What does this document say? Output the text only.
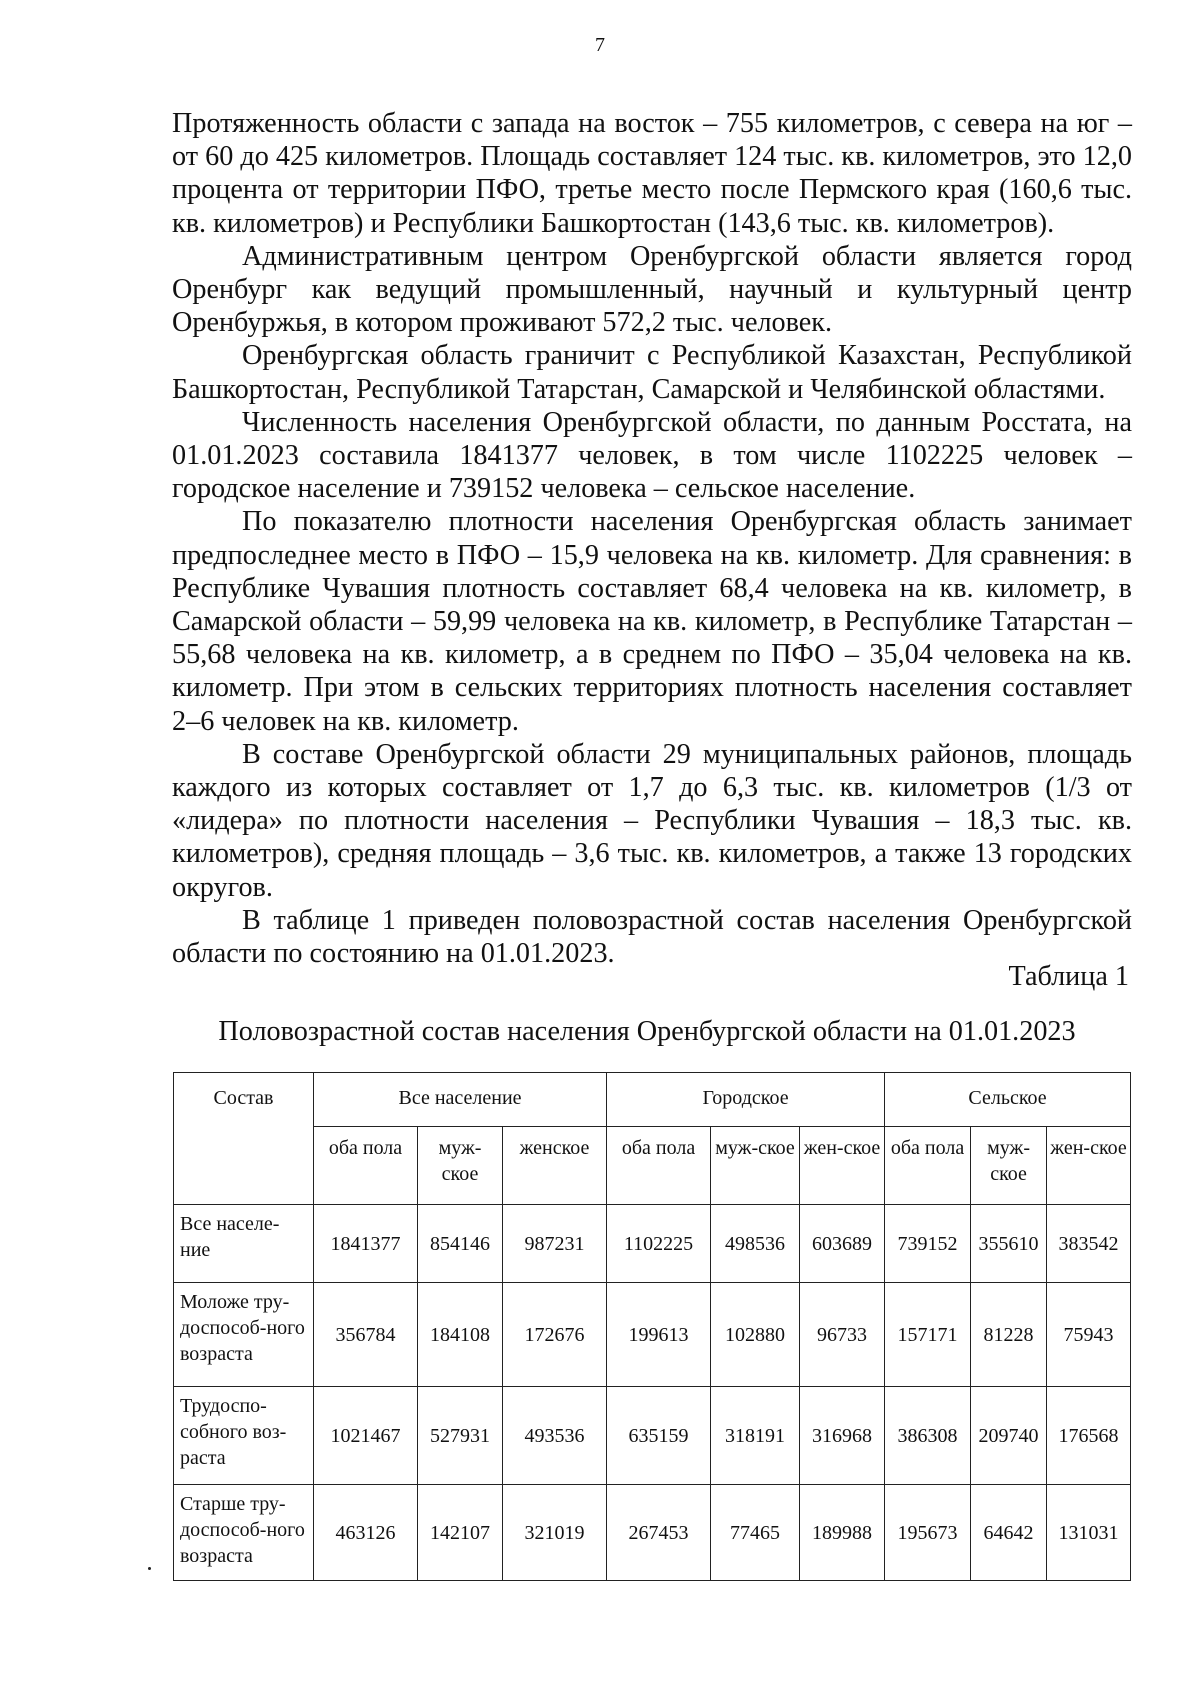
7

Протяженность области с запада на восток – 755 километров, с севера на юг – от 60 до 425 километров. Площадь составляет 124 тыс. кв. километров, это 12,0 процента от территории ПФО, третье место после Пермского края (160,6 тыс. кв. километров) и Республики Башкортостан (143,6 тыс. кв. километров).

Административным центром Оренбургской области является город Оренбург как ведущий промышленный, научный и культурный центр Оренбуржья, в котором проживают 572,2 тыс. человек.

Оренбургская область граничит с Республикой Казахстан, Республикой Башкортостан, Республикой Татарстан, Самарской и Челябинской областями.

Численность населения Оренбургской области, по данным Росстата, на 01.01.2023 составила 1841377 человек, в том числе 1102225 человек – городское население и 739152 человека – сельское население.

По показателю плотности населения Оренбургская область занимает предпоследнее место в ПФО – 15,9 человека на кв. километр. Для сравнения: в Республике Чувашия плотность составляет 68,4 человека на кв. километр, в Самарской области – 59,99 человека на кв. километр, в Республике Татарстан – 55,68 человека на кв. километр, а в среднем по ПФО – 35,04 человека на кв. километр. При этом в сельских территориях плотность населения составляет 2–6 человек на кв. километр.

В составе Оренбургской области 29 муниципальных районов, площадь каждого из которых составляет от 1,7 до 6,3 тыс. кв. километров (1/3 от «лидера» по плотности населения – Республики Чувашия – 18,3 тыс. кв. километров), средняя площадь – 3,6 тыс. кв. километров, а также 13 городских округов.

В таблице 1 приведен половозрастной состав населения Оренбургской области по состоянию на 01.01.2023.

Таблица 1
Половозрастной состав населения Оренбургской области на 01.01.2023
Состав	Все население			Городское			Сельское		
	оба пола	муж-ское	женское	оба пола	муж-ское	жен-ское	оба пола	муж-ское	жен-ское
Все населе-ние	1841377	854146	987231	1102225	498536	603689	739152	355610	383542
Моложе тру-доспособ-ного возраста	356784	184108	172676	199613	102880	96733	157171	81228	75943
Трудоспо-собного воз-раста	1021467	527931	493536	635159	318191	316968	386308	209740	176568
Старше тру-доспособ-ного возраста	463126	142107	321019	267453	77465	189988	195673	64642	131031
